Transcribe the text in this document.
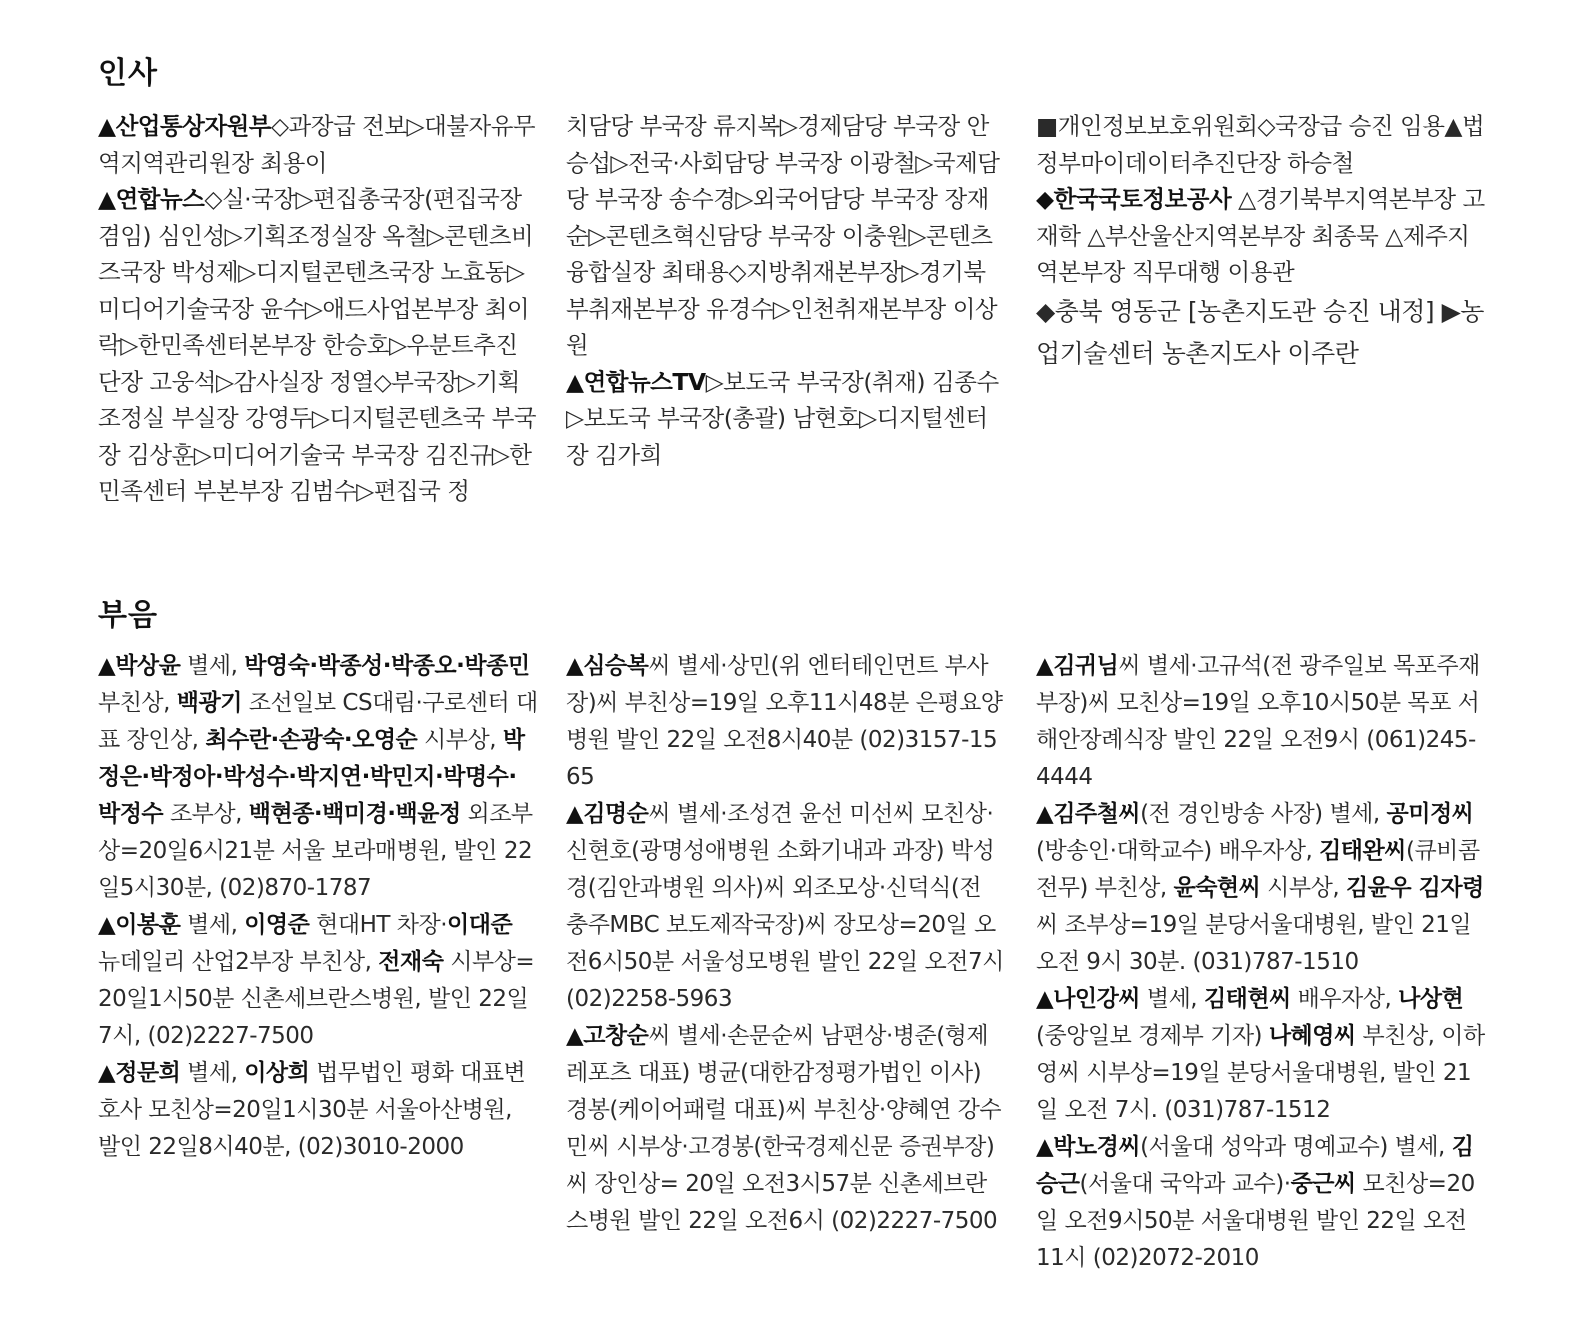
인사

▲산업통상자원부◇과장급 전보▷대불자유무역지역관리원장 최용이

▲연합뉴스◇실·국장▷편집총국장(편집국장 겸임) 심인성▷기획조정실장 옥철▷콘텐츠비즈국장 박성제▷디지털콘텐츠국장 노효동▷미디어기술국장 윤수▷애드사업본부장 최이락▷한민족센터본부장 한승호▷우분트추진단장 고웅석▷감사실장 정열◇부국장▷기획조정실 부실장 강영두▷디지털콘텐츠국 부국장 김상훈▷미디어기술국 부국장 김진규▷한민족센터 부본부장 김범수▷편집국 정

치담당 부국장 류지복▷경제담당 부국장 안승섭▷전국·사회담당 부국장 이광철▷국제담당 부국장 송수경▷외국어담당 부국장 장재순▷콘텐츠혁신담당 부국장 이충원▷콘텐츠융합실장 최태용◇지방취재본부장▷경기북부취재본부장 유경수▷인천취재본부장 이상원

▲연합뉴스TV▷보도국 부국장(취재) 김종수▷보도국 부국장(총괄) 남현호▷디지털센터장 김가희

■개인정보보호위원회◇국장급 승진 임용▲법정부마이데이터추진단장 하승철

◆한국국토정보공사 △경기북부지역본부장 고재학 △부산울산지역본부장 최종묵 △제주지역본부장 직무대행 이용관

◆충북 영동군 [농촌지도관 승진 내정] ▶농업기술센터 농촌지도사 이주란

부음

▲박상윤 별세, 박영숙·박종성·박종오·박종민 부친상, 백광기 조선일보 CS대림·구로센터 대표 장인상, 최수란·손광숙·오영순 시부상, 박정은·박정아·박성수·박지연·박민지·박명수·박정수 조부상, 백현종·백미경·백윤정 외조부상=20일6시21분 서울 보라매병원, 발인 22일5시30분, (02)870-1787

▲이봉훈 별세, 이영준 현대HT 차장·이대준 뉴데일리 산업2부장 부친상, 전재숙 시부상=20일1시50분 신촌세브란스병원, 발인 22일7시, (02)2227-7500

▲정문희 별세, 이상희 법무법인 평화 대표변호사 모친상=20일1시30분 서울아산병원, 발인 22일8시40분, (02)3010-2000

▲심승복씨 별세·상민(위 엔터테인먼트 부사장)씨 부친상=19일 오후11시48분 은평요양병원 발인 22일 오전8시40분 (02)3157-1565

▲김명순씨 별세·조성견 윤선 미선씨 모친상·신현호(광명성애병원 소화기내과 과장) 박성경(김안과병원 의사)씨 외조모상·신덕식(전 충주MBC 보도제작국장)씨 장모상=20일 오전6시50분 서울성모병원 발인 22일 오전7시 (02)2258-5963

▲고창순씨 별세·손문순씨 남편상·병준(형제레포츠 대표) 병균(대한감정평가법인 이사) 경봉(케이어패럴 대표)씨 부친상·양혜연 강수민씨 시부상·고경봉(한국경제신문 증권부장)씨 장인상= 20일 오전3시57분 신촌세브란스병원 발인 22일 오전6시 (02)2227-7500

▲김귀님씨 별세·고규석(전 광주일보 목포주재 부장)씨 모친상=19일 오후10시50분 목포 서해안장례식장 발인 22일 오전9시 (061)245-4444

▲김주철씨(전 경인방송 사장) 별세, 공미정씨(방송인·대학교수) 배우자상, 김태완씨(큐비콤 전무) 부친상, 윤숙현씨 시부상, 김윤우 김자령씨 조부상=19일 분당서울대병원, 발인 21일 오전 9시 30분. (031)787-1510

▲나인강씨 별세, 김태현씨 배우자상, 나상현(중앙일보 경제부 기자) 나혜영씨 부친상, 이하영씨 시부상=19일 분당서울대병원, 발인 21일 오전 7시. (031)787-1512

▲박노경씨(서울대 성악과 명예교수) 별세, 김승근(서울대 국악과 교수)·중근씨 모친상=20일 오전9시50분 서울대병원 발인 22일 오전 11시 (02)2072-2010
